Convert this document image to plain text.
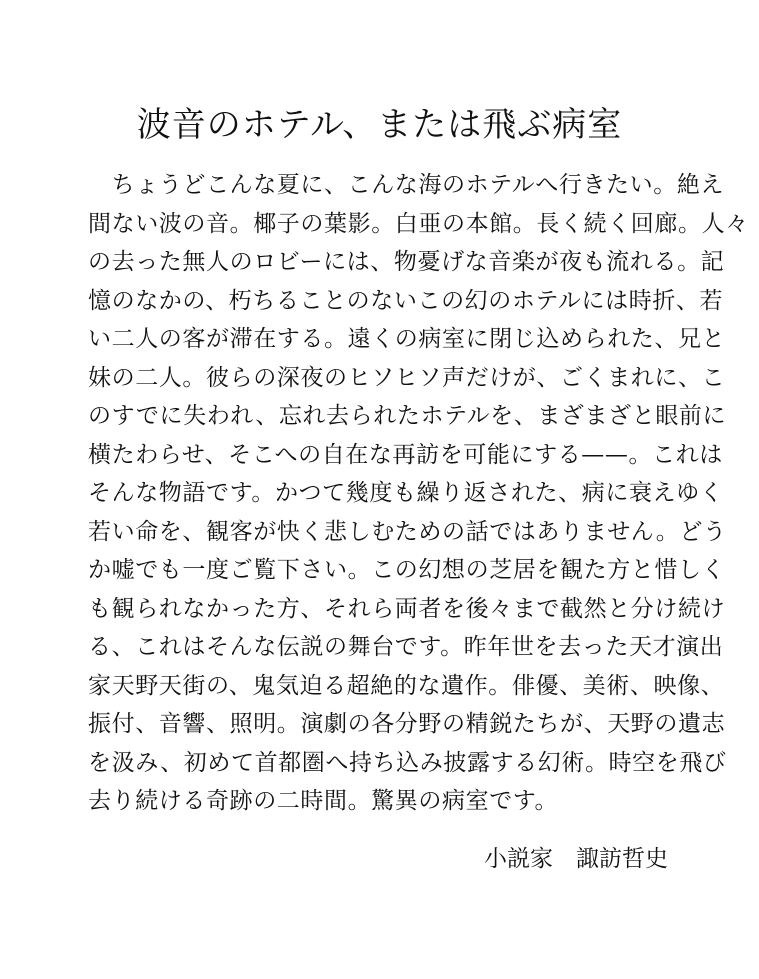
波音のホテル、または飛ぶ病室
　ちょうどこんな夏に、こんな海のホテルへ行きたい。絶え
間ない波の音。椰子の葉影。白亜の本館。長く続く回廊。人々
の去った無人のロビーには、物憂げな音楽が夜も流れる。記
憶のなかの、朽ちることのないこの幻のホテルには時折、若
い二人の客が滞在する。遠くの病室に閉じ込められた、兄と
妹の二人。彼らの深夜のヒソヒソ声だけが、ごくまれに、こ
のすでに失われ、忘れ去られたホテルを、まざまざと眼前に
横たわらせ、そこへの自在な再訪を可能にする——。これは
そんな物語です。かつて幾度も繰り返された、病に衰えゆく
若い命を、観客が快く悲しむための話ではありません。どう
か嘘でも一度ご覧下さい。この幻想の芝居を観た方と惜しく
も観られなかった方、それら両者を後々まで截然と分け続け
る、これはそんな伝説の舞台です。昨年世を去った天才演出
家天野天街の、鬼気迫る超絶的な遺作。俳優、美術、映像、
振付、音響、照明。演劇の各分野の精鋭たちが、天野の遺志
を汲み、初めて首都圏へ持ち込み披露する幻術。時空を飛び
去り続ける奇跡の二時間。驚異の病室です。
小説家　諏訪哲史
